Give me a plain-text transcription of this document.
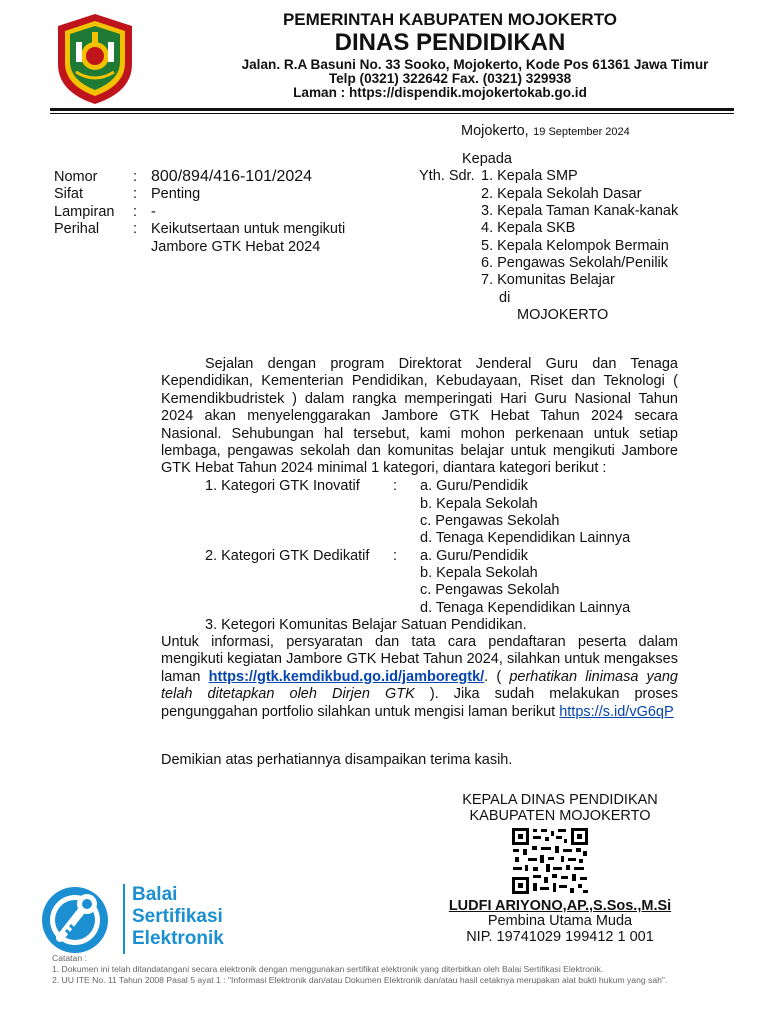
PEMERINTAH KABUPATEN MOJOKERTO
DINAS PENDIDIKAN
Jalan. R.A Basuni No. 33 Sooko, Mojokerto, Kode Pos 61361 Jawa Timur
Telp (0321) 322642 Fax. (0321) 329938
Laman : https://dispendik.mojokertokab.go.id
Mojokerto, 19 September 2024
Nomor : 800/894/416-101/2024
Sifat	: Penting
Lampiran : -
Perihal : Keikutsertaan untuk mengikuti
Jambore GTK Hebat 2024
Kepada
Yth. Sdr. 1. Kepala SMP
2. Kepala Sekolah Dasar
3. Kepala Taman Kanak-kanak
4. Kepala SKB
5. Kepala Kelompok Bermain
6. Pengawas Sekolah/Penilik
7. Komunitas Belajar
di
MOJOKERTO
Sejalan dengan program Direktorat Jenderal Guru dan Tenaga Kependidikan, Kementerian Pendidikan, Kebudayaan, Riset dan Teknologi ( Kemendikbudristek ) dalam rangka memperingati Hari Guru Nasional Tahun 2024 akan menyelenggarakan Jambore GTK Hebat Tahun 2024 secara Nasional. Sehubungan hal tersebut, kami mohon perkenaan untuk setiap lembaga, pengawas sekolah dan komunitas belajar untuk mengikuti Jambore GTK Hebat Tahun 2024 minimal 1 kategori, diantara kategori berikut :
1. Kategori GTK Inovatif : a. Guru/Pendidik
b. Kepala Sekolah
c. Pengawas Sekolah
d. Tenaga Kependidikan Lainnya
2. Kategori GTK Dedikatif : a. Guru/Pendidik
b. Kepala Sekolah
c. Pengawas Sekolah
d. Tenaga Kependidikan Lainnya
3. Ketegori Komunitas Belajar Satuan Pendidikan.
Untuk informasi, persyaratan dan tata cara pendaftaran peserta dalam mengikuti kegiatan Jambore GTK Hebat Tahun 2024, silahkan untuk mengakses laman https://gtk.kemdikbud.go.id/jamboregtk/. ( perhatikan linimasa yang telah ditetapkan oleh Dirjen GTK ). Jika sudah melakukan proses pengunggahan portfolio silahkan untuk mengisi laman berikut https://s.id/vG6qP
Demikian atas perhatiannya disampaikan terima kasih.
KEPALA DINAS PENDIDIKAN
KABUPATEN MOJOKERTO
LUDFI ARIYONO,AP.,S.Sos.,M.Si
Pembina Utama Muda
NIP. 19741029 199412 1 001
Balai
Sertifikasi
Elektronik
Catatan :
1. Dokumen ini telah ditandatangani secara elektronik dengan menggunakan sertifikat elektronik yang diterbitkan oleh Balai Sertifikasi Elektronik.
2. UU ITE No. 11 Tahun 2008 Pasal 5 ayat 1 : "Informasi Elektronik dan/atau Dokumen Elektronik dan/atau hasil cetaknya merupakan alat bukti hukum yang sah".
